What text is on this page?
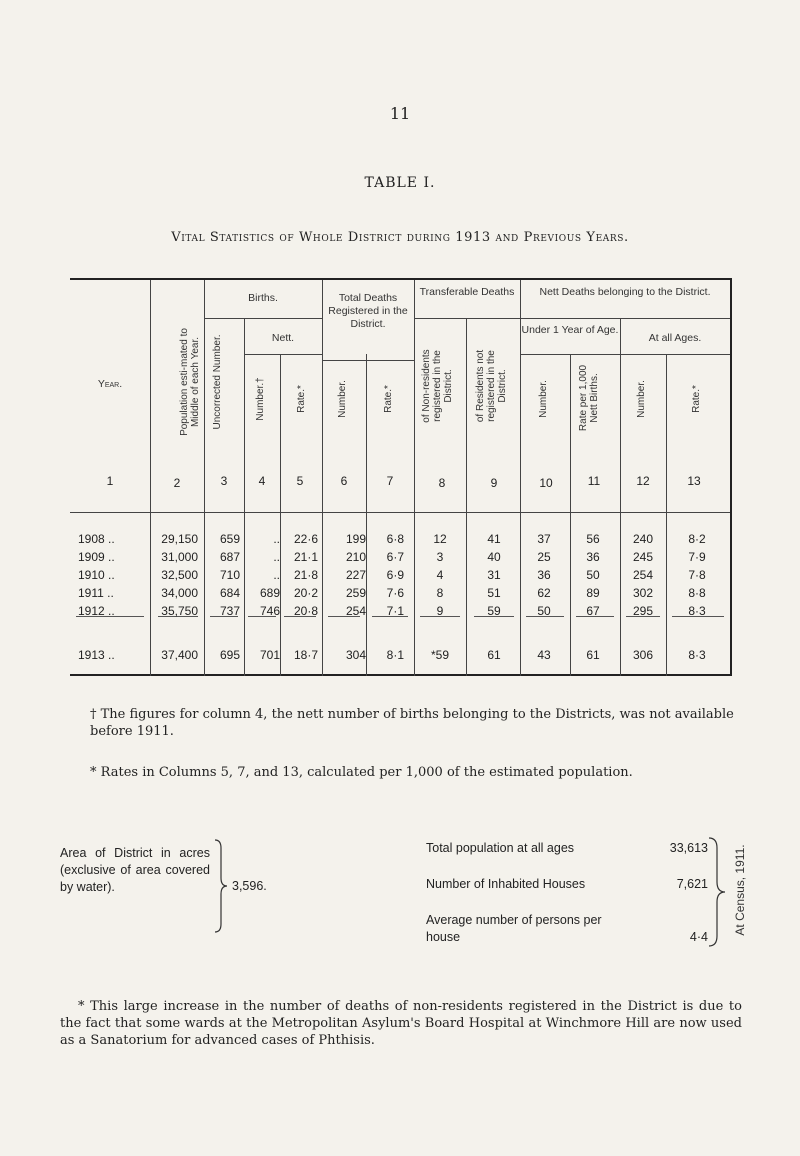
11
TABLE I.
Vital Statistics of Whole District during 1913 and Previous Years.
Year.	Population esti-mated to Middle of each Year.
Births.
Uncorrected Number.	Nett.
Number.†	Rate.*
Total Deaths Registered in the District.
Number.	Rate.*
Transferable Deaths
of Non-residents registered in the District.	of Residents not registered in the District.
Nett Deaths belonging to the District.
Under 1 Year of Age.
Number.	Rate per 1,000 Nett Births.
At all Ages.
Number.	Rate.*
1	2	3	4	5	6	7	8	9	10	11	12	13
1908 ..	29,150	659	..	22·6	199	6·8	12	41	37	56	240	8·2
1909 ..	31,000	687	..	21·1	210	6·7	3	40	25	36	245	7·9
1910 ..	32,500	710	..	21·8	227	6·9	4	31	36	50	254	7·8
1911 ..	34,000	684	689	20·2	259	7·6	8	51	62	89	302	8·8
1912 ..	35,750	737	746	20·8	254	7·1	9	59	50	67	295	8·3
1913 ..	37,400	695	701	18·7	304	8·1	*59	61	43	61	306	8·3
† The figures for column 4, the nett number of births belonging to the Districts, was not available before 1911.
* Rates in Columns 5, 7, and 13, calculated per 1,000 of the estimated population.
Area of District in acres (exclusive of area covered by water).	3,596.
Total population at all ages	33,613
Number of Inhabited Houses	7,621
Average number of persons per house	4·4
At Census, 1911.
* This large increase in the number of deaths of non-residents registered in the District is due to the fact that some wards at the Metropolitan Asylum's Board Hospital at Winchmore Hill are now used as a Sanatorium for advanced cases of Phthisis.
